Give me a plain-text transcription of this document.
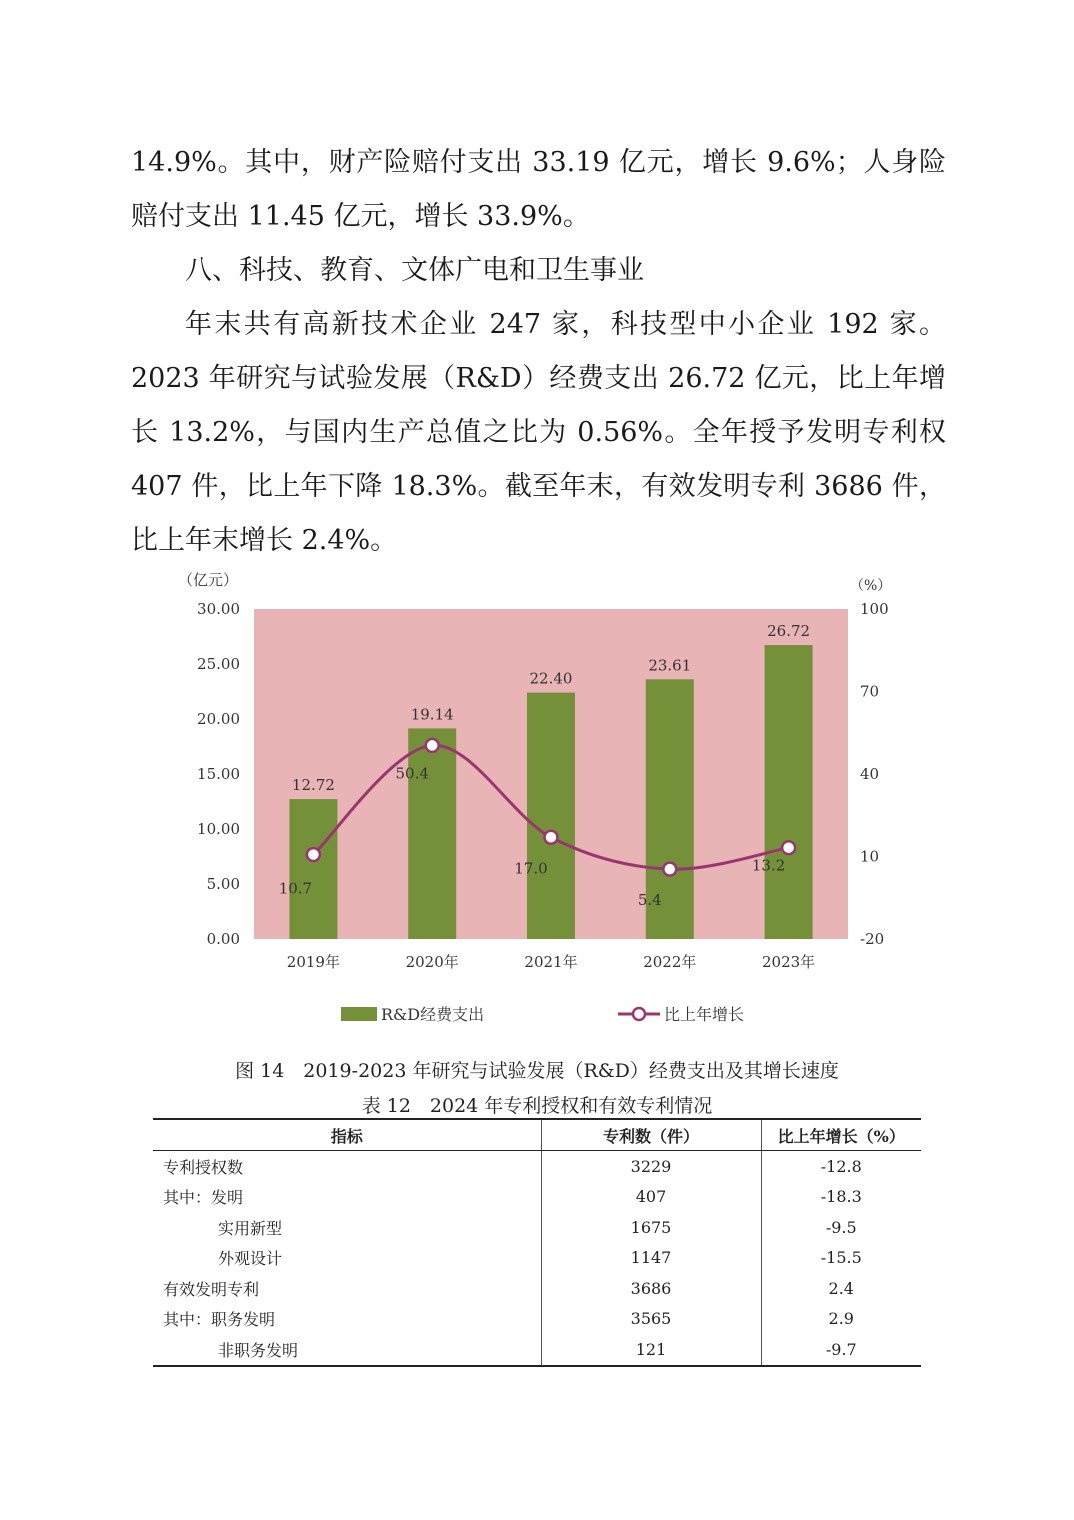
14.9%。其中，财产险赔付支出 33.19 亿元，增长 9.6%；人身险赔付支出 11.45 亿元，增长 33.9%。

八、科技、教育、文体广电和卫生事业

年末共有高新技术企业 247 家，科技型中小企业 192 家。2023 年研究与试验发展（R&D）经费支出 26.72 亿元，比上年增长 13.2%，与国内生产总值之比为 0.56%。全年授予发明专利权 407 件，比上年下降 18.3%。截至年末，有效发明专利 3686 件，比上年末增长 2.4%。

12.72
19.14
22.40
23.61
26.72
10.7
50.4
17.0
5.4
13.2
0.00
5.00
10.00
15.00
20.00
25.00
30.00
-20
10
40
70
100
2019年	2020年	2021年	2022年	2023年
（亿元）	（%）
R&D经费支出	比上年增长
图 14　2019-2023 年研究与试验发展（R&D）经费支出及其增长速度
表 12　2024 年专利授权和有效专利情况
指标	专利数（件）	比上年增长（%）
专利授权数	3229	-12.8
其中：发明	407	-18.3
实用新型	1675	-9.5
外观设计	1147	-15.5
有效发明专利	3686	2.4
其中：职务发明	3565	2.9
非职务发明	121	-9.7
